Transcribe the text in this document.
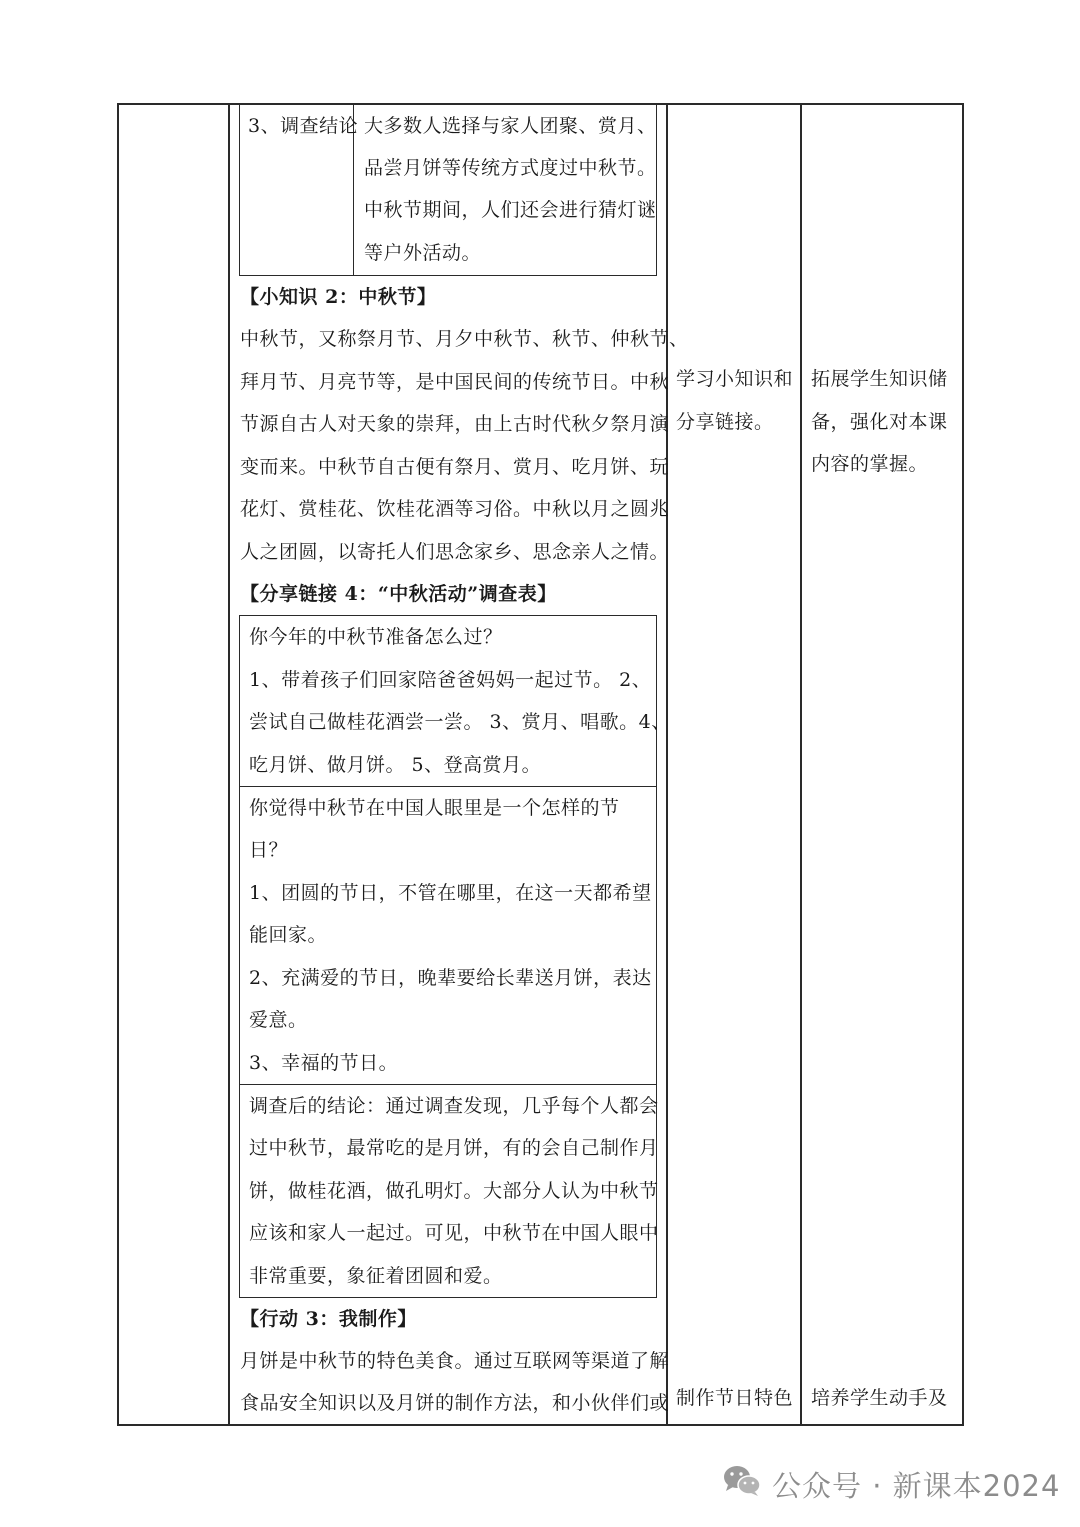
3、调查结论 大多数人选择与家人团聚、赏月、
品尝月饼等传统方式度过中秋节。
中秋节期间，人们还会进行猜灯谜
等户外活动。
【小知识 2：中秋节】
中秋节，又称祭月节、月夕中秋节、秋节、仲秋节、
拜月节、月亮节等，是中国民间的传统节日。中秋
节源自古人对天象的崇拜，由上古时代秋夕祭月演
变而来。中秋节自古便有祭月、赏月、吃月饼、玩
花灯、赏桂花、饮桂花酒等习俗。中秋以月之圆兆
人之团圆，以寄托人们思念家乡、思念亲人之情。
【分享链接 4：“中秋活动”调查表】
你今年的中秋节准备怎么过？
1、带着孩子们回家陪爸爸妈妈一起过节。 2、
尝试自己做桂花酒尝一尝。 3、赏月、唱歌。4、
吃月饼、做月饼。 5、登高赏月。
你觉得中秋节在中国人眼里是一个怎样的节
日？
1、团圆的节日，不管在哪里，在这一天都希望
能回家。
2、充满爱的节日，晚辈要给长辈送月饼，表达
爱意。
3、幸福的节日。
调查后的结论：通过调查发现，几乎每个人都会
过中秋节，最常吃的是月饼，有的会自己制作月
饼，做桂花酒，做孔明灯。大部分人认为中秋节
应该和家人一起过。可见，中秋节在中国人眼中
非常重要，象征着团圆和爱。
【行动 3：我制作】
月饼是中秋节的特色美食。通过互联网等渠道了解
食品安全知识以及月饼的制作方法，和小伙伴们或
学习小知识和
分享链接。
制作节日特色
拓展学生知识储
备，强化对本课
内容的掌握。
培养学生动手及
公众号 · 新课本2024
